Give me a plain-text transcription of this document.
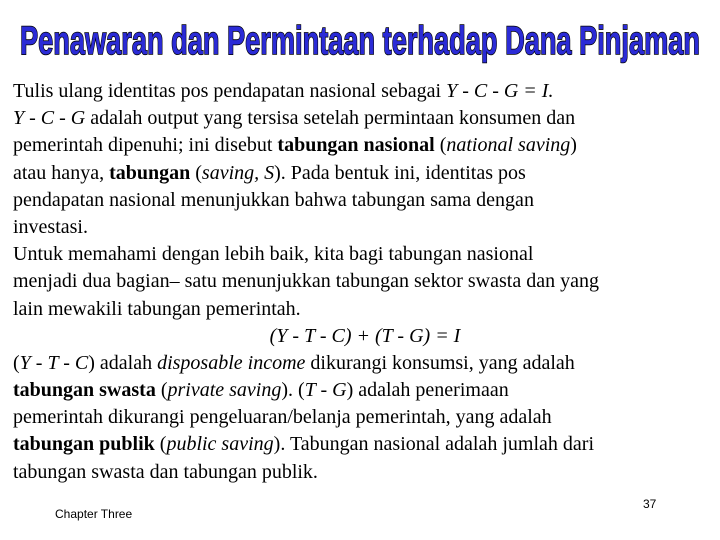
Penawaran dan Permintaan terhadap Dana Pinjaman
Tulis ulang identitas pos pendapatan nasional sebagai Y - C - G = I.
Y - C - G adalah output yang tersisa setelah permintaan konsumen dan
pemerintah dipenuhi; ini disebut tabungan nasional (national saving)
atau hanya, tabungan (saving, S). Pada bentuk ini, identitas pos
pendapatan nasional menunjukkan bahwa tabungan sama dengan
investasi.
Untuk memahami dengan lebih baik, kita bagi tabungan nasional
menjadi dua bagian– satu menunjukkan tabungan sektor swasta dan yang
lain mewakili tabungan pemerintah.
(Y - T - C) + (T - G) = I
(Y - T - C) adalah disposable income dikurangi konsumsi, yang adalah
tabungan swasta (private saving). (T - G) adalah penerimaan
pemerintah dikurangi pengeluaran/belanja pemerintah, yang adalah
tabungan publik (public saving). Tabungan nasional adalah jumlah dari
tabungan swasta dan tabungan publik.
Chapter Three
37
